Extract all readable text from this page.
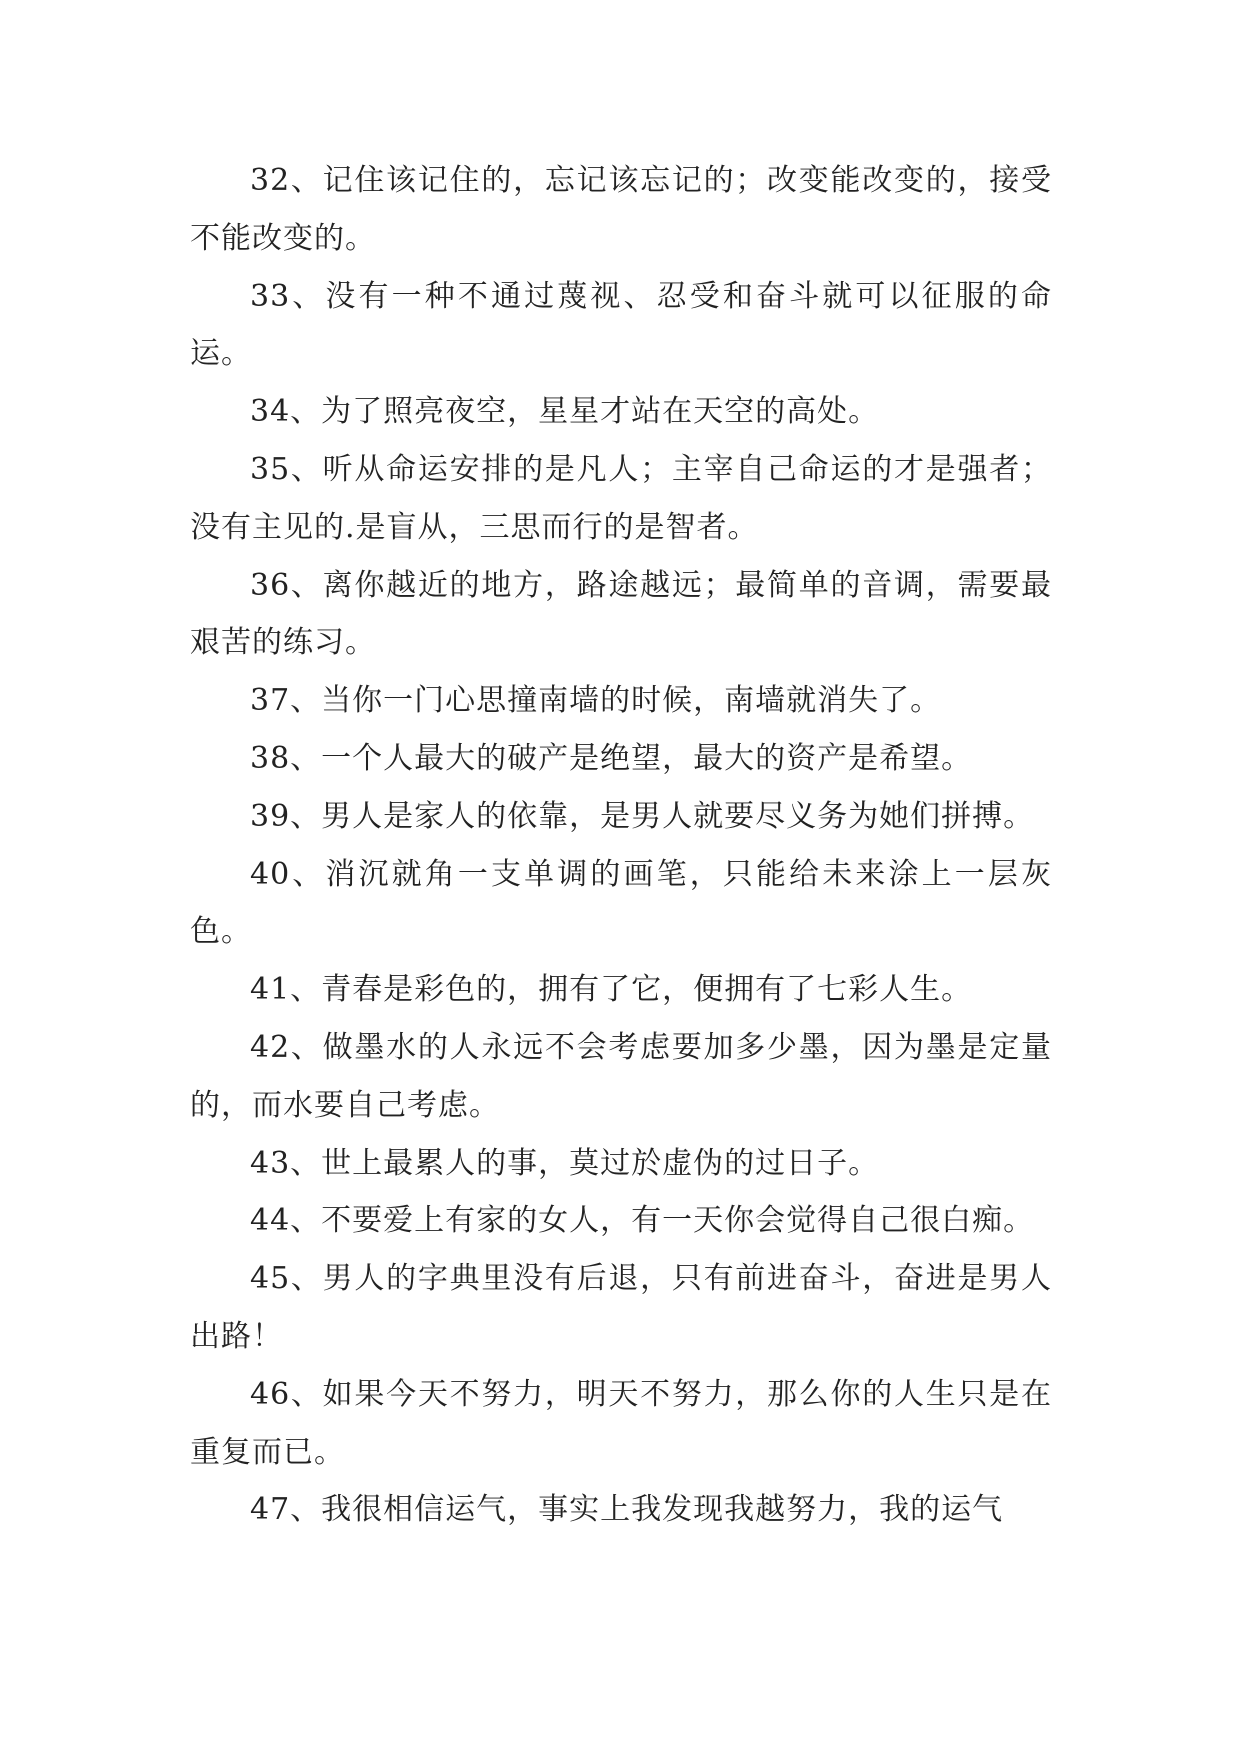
32、记住该记住的，忘记该忘记的；改变能改变的，接受不能改变的。

33、没有一种不通过蔑视、忍受和奋斗就可以征服的命运。

34、为了照亮夜空，星星才站在天空的高处。

35、听从命运安排的是凡人；主宰自己命运的才是强者；没有主见的.是盲从，三思而行的是智者。

36、离你越近的地方，路途越远；最简单的音调，需要最艰苦的练习。

37、当你一门心思撞南墙的时候，南墙就消失了。

38、一个人最大的破产是绝望，最大的资产是希望。

39、男人是家人的依靠，是男人就要尽义务为她们拼搏。

40、消沉就角一支单调的画笔，只能给未来涂上一层灰色。

41、青春是彩色的，拥有了它，便拥有了七彩人生。

42、做墨水的人永远不会考虑要加多少墨，因为墨是定量的，而水要自己考虑。

43、世上最累人的事，莫过於虚伪的过日子。

44、不要爱上有家的女人，有一天你会觉得自己很白痴。

45、男人的字典里没有后退，只有前进奋斗，奋进是男人出路！

46、如果今天不努力，明天不努力，那么你的人生只是在重复而已。

47、我很相信运气，事实上我发现我越努力，我的运气
